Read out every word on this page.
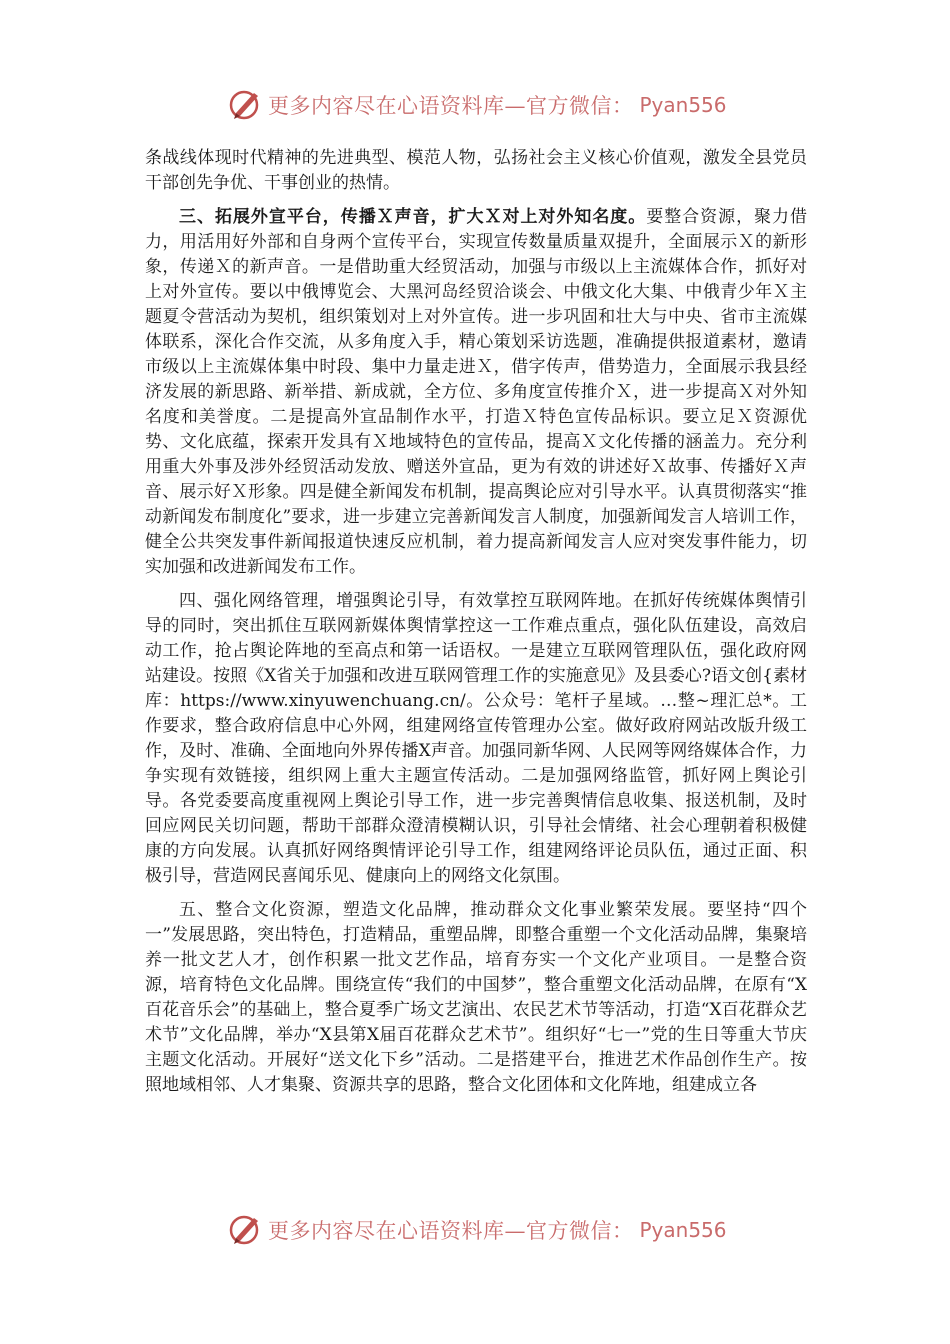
更多内容尽在心语资料库—官方微信： Pyan556

条战线体现时代精神的先进典型、模范人物，弘扬社会主义核心价值观，激发全县党员干部创先争优、干事创业的热情。

三、拓展外宣平台，传播Ｘ声音，扩大Ｘ对上对外知名度。要整合资源，聚力借力，用活用好外部和自身两个宣传平台，实现宣传数量质量双提升，全面展示Ｘ的新形象，传递Ｘ的新声音。一是借助重大经贸活动，加强与市级以上主流媒体合作，抓好对上对外宣传。要以中俄博览会、大黑河岛经贸洽谈会、中俄文化大集、中俄青少年Ｘ主题夏令营活动为契机，组织策划对上对外宣传。进一步巩固和壮大与中央、省市主流媒体联系，深化合作交流，从多角度入手，精心策划采访选题，准确提供报道素材，邀请市级以上主流媒体集中时段、集中力量走进Ｘ，借字传声，借势造力，全面展示我县经济发展的新思路、新举措、新成就，全方位、多角度宣传推介Ｘ，进一步提高Ｘ对外知名度和美誉度。二是提高外宣品制作水平，打造Ｘ特色宣传品标识。要立足Ｘ资源优势、文化底蕴，探索开发具有Ｘ地域特色的宣传品，提高Ｘ文化传播的涵盖力。充分利用重大外事及涉外经贸活动发放、赠送外宣品，更为有效的讲述好Ｘ故事、传播好Ｘ声音、展示好Ｘ形象。四是健全新闻发布机制，提高舆论应对引导水平。认真贯彻落实“推动新闻发布制度化”要求，进一步建立完善新闻发言人制度，加强新闻发言人培训工作，健全公共突发事件新闻报道快速反应机制，着力提高新闻发言人应对突发事件能力，切实加强和改进新闻发布工作。

四、强化网络管理，增强舆论引导，有效掌控互联网阵地。在抓好传统媒体舆情引导的同时，突出抓住互联网新媒体舆情掌控这一工作难点重点，强化队伍建设，高效启动工作，抢占舆论阵地的至高点和第一话语权。一是建立互联网管理队伍，强化政府网站建设。按照《X省关于加强和改进互联网管理工作的实施意见》及县委心?语文创{素材库：https://www.xinyuwenchuang.cn/。公众号：笔杆子星域。…整~理汇总*。工作要求，整合政府信息中心外网，组建网络宣传管理办公室。做好政府网站改版升级工作，及时、准确、全面地向外界传播X声音。加强同新华网、人民网等网络媒体合作，力争实现有效链接，组织网上重大主题宣传活动。二是加强网络监管，抓好网上舆论引导。各党委要高度重视网上舆论引导工作，进一步完善舆情信息收集、报送机制，及时回应网民关切问题，帮助干部群众澄清模糊认识，引导社会情绪、社会心理朝着积极健康的方向发展。认真抓好网络舆情评论引导工作，组建网络评论员队伍，通过正面、积极引导，营造网民喜闻乐见、健康向上的网络文化氛围。

五、整合文化资源，塑造文化品牌，推动群众文化事业繁荣发展。要坚持“四个一”发展思路，突出特色，打造精品，重塑品牌，即整合重塑一个文化活动品牌，集聚培养一批文艺人才，创作积累一批文艺作品，培育夯实一个文化产业项目。一是整合资源，培育特色文化品牌。围绕宣传“我们的中国梦”，整合重塑文化活动品牌，在原有“X百花音乐会”的基础上，整合夏季广场文艺演出、农民艺术节等活动，打造“X百花群众艺术节”文化品牌，举办“X县第X届百花群众艺术节”。组织好“七一”党的生日等重大节庆主题文化活动。开展好“送文化下乡”活动。二是搭建平台，推进艺术作品创作生产。按照地域相邻、人才集聚、资源共享的思路，整合文化团体和文化阵地，组建成立各

更多内容尽在心语资料库—官方微信： Pyan556
